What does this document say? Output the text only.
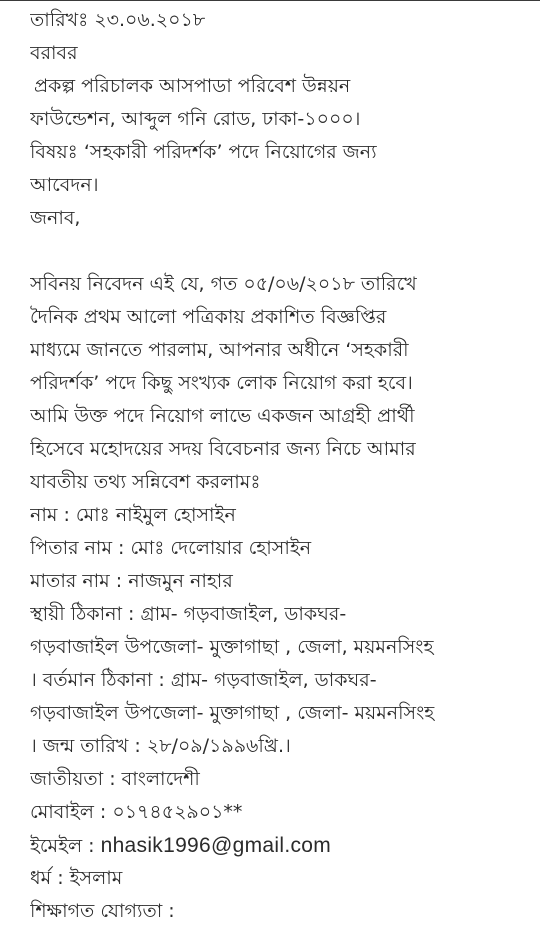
তারিখঃ ২৩.০৬.২০১৮
বরাবর
প্রকল্প পরিচালক আসপাডা পরিবেশ উন্নয়ন
ফাউন্ডেশন, আব্দুল গনি রোড, ঢাকা-১০০০।
বিষয়ঃ ‘সহকারী পরিদর্শক’ পদে নিয়োগের জন্য
আবেদন।
জনাব,
সবিনয় নিবেদন এই যে, গত ০৫/০৬/২০১৮ তারিখে
দৈনিক প্রথম আলো পত্রিকায় প্রকাশিত বিজ্ঞপ্তির
মাধ্যমে জানতে পারলাম, আপনার অধীনে ‘সহকারী
পরিদর্শক’ পদে কিছু সংখ্যক লোক নিয়োগ করা হবে।
আমি উক্ত পদে নিয়োগ লাভে একজন আগ্রহী প্রার্থী
হিসেবে মহোদয়ের সদয় বিবেচনার জন্য নিচে আমার
যাবতীয় তথ্য সন্নিবেশ করলামঃ
নাম : মোঃ নাইমুল হোসাইন
পিতার নাম : মোঃ দেলোয়ার হোসাইন
মাতার নাম : নাজমুন নাহার
স্থায়ী ঠিকানা : গ্রাম- গড়বাজাইল, ডাকঘর-
গড়বাজাইল উপজেলা- মুক্তাগাছা , জেলা, ময়মনসিংহ
। বর্তমান ঠিকানা : গ্রাম- গড়বাজাইল, ডাকঘর-
গড়বাজাইল উপজেলা- মুক্তাগাছা , জেলা- ময়মনসিংহ
। জন্ম তারিখ : ২৮/০৯/১৯৯৬খ্রি.।
জাতীয়তা : বাংলাদেশী
মোবাইল : ০১৭৪৫২৯০১**
ইমেইল : nhasik1996@gmail.com
ধর্ম : ইসলাম
শিক্ষাগত যোগ্যতা :
